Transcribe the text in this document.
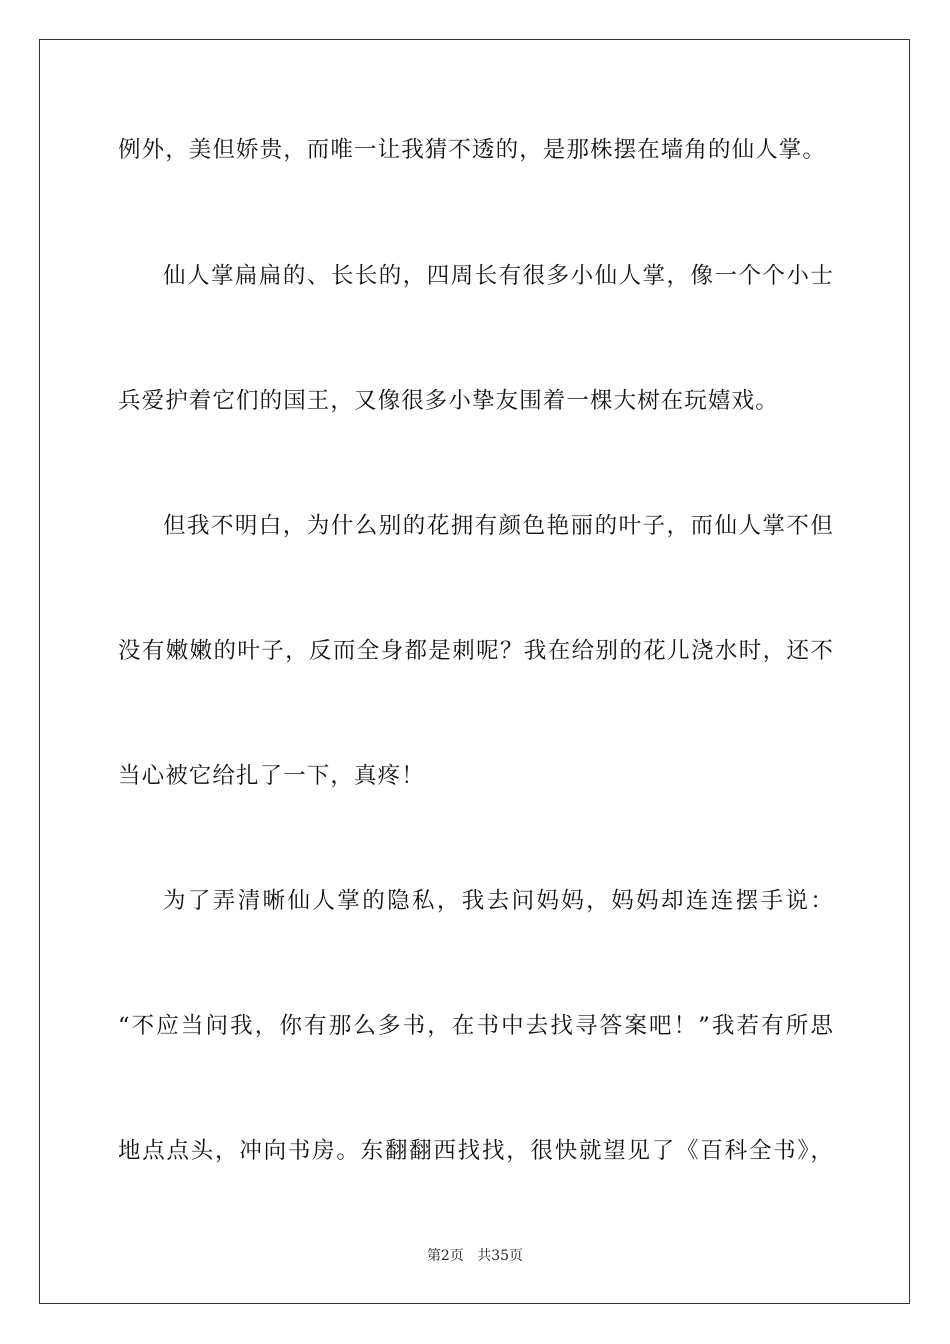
例外，美但娇贵，而唯一让我猜不透的，是那株摆在墙角的仙人掌。
仙人掌扁扁的、长长的，四周长有很多小仙人掌，像一个个小士
兵爱护着它们的国王，又像很多小挚友围着一棵大树在玩嬉戏。
但我不明白，为什么别的花拥有颜色艳丽的叶子，而仙人掌不但
没有嫩嫩的叶子，反而全身都是刺呢？我在给别的花儿浇水时，还不
当心被它给扎了一下，真疼！
为了弄清晰仙人掌的隐私，我去问妈妈，妈妈却连连摆手说：
“不应当问我，你有那么多书，在书中去找寻答案吧！”我若有所思
地点点头，冲向书房。东翻翻西找找，很快就望见了《百科全书》，
第2页 共35页
